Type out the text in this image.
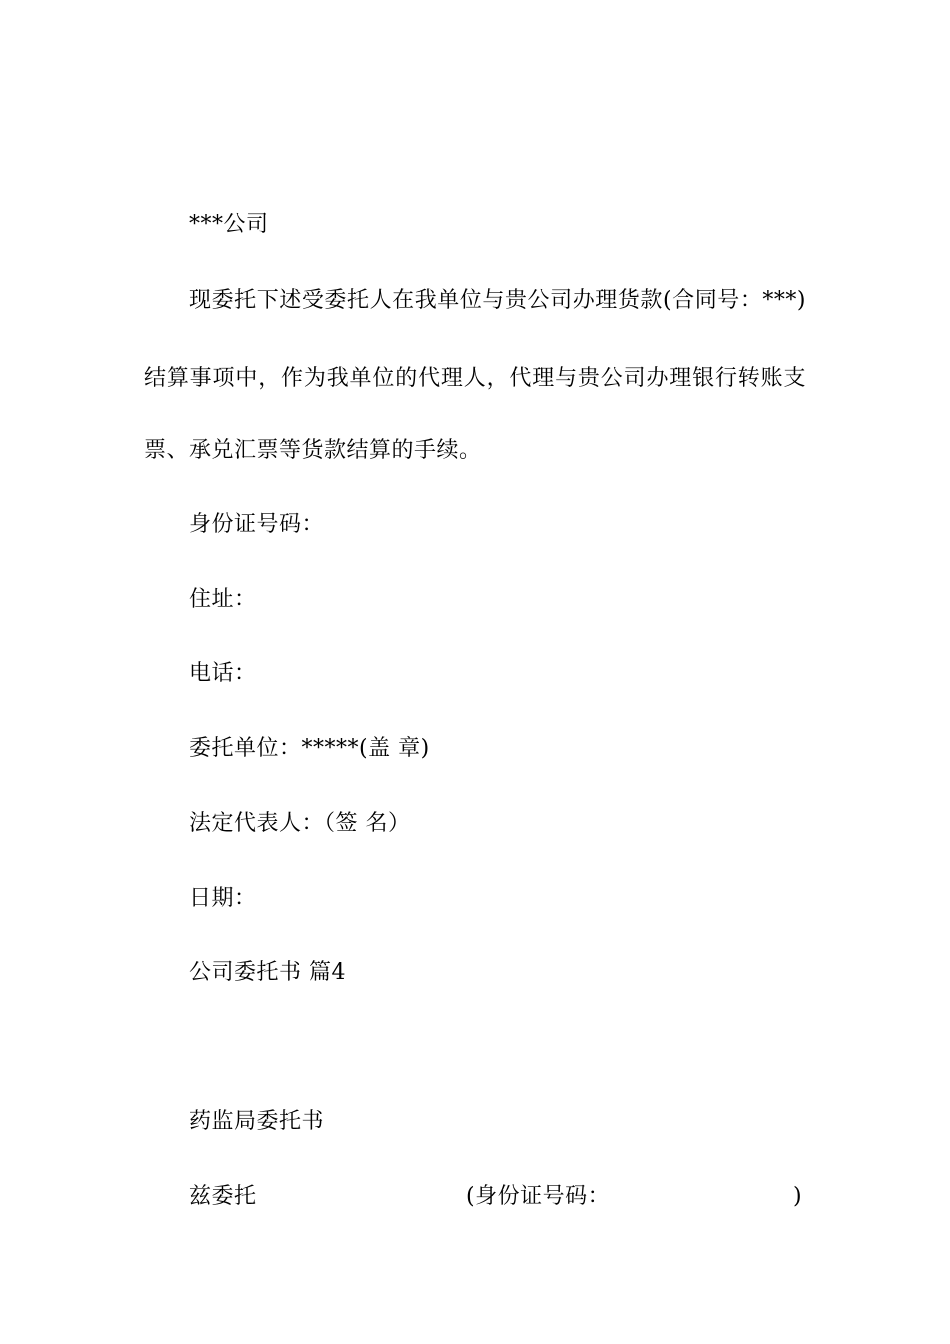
***公司
现委托下述受委托人在我单位与贵公司办理货款(合同号：***)
结算事项中，作为我单位的代理人，代理与贵公司办理银行转账支
票、承兑汇票等货款结算的手续。
身份证号码：
住址：
电话：
委托单位：*****(盖 章)
法定代表人：（签 名）
日期：
公司委托书 篇4
药监局委托书
兹委托	(身份证号码：	)
